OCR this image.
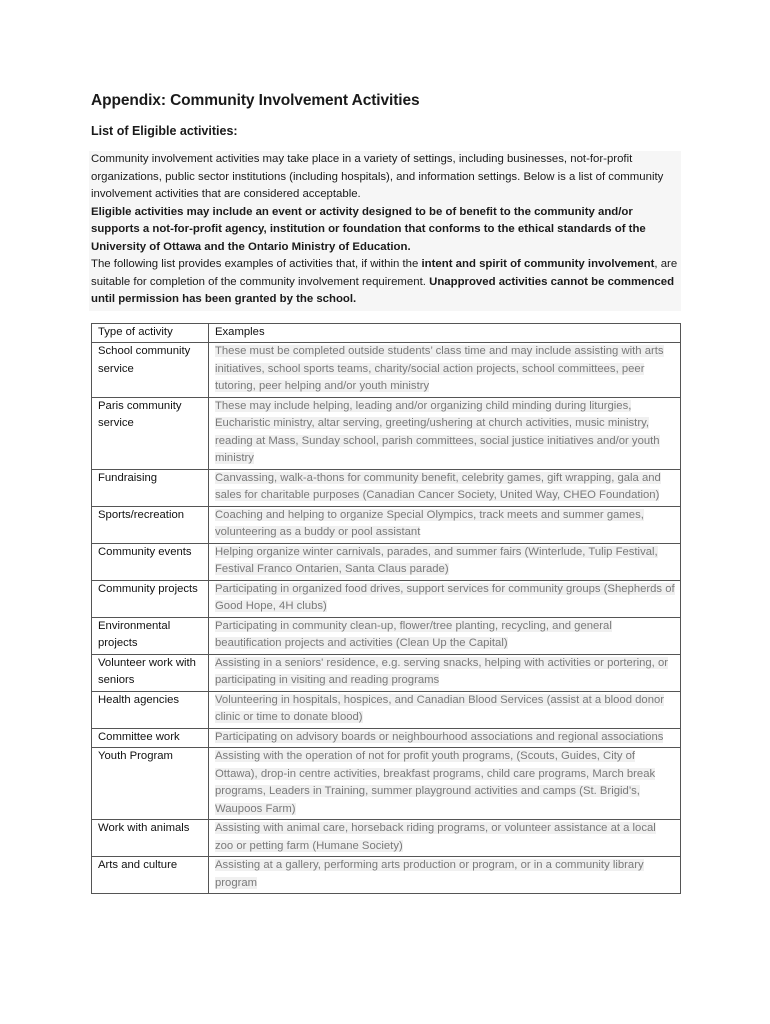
Appendix: Community Involvement Activities
List of Eligible activities:

Community involvement activities may take place in a variety of settings, including businesses, not-for-profit organizations, public sector institutions (including hospitals), and information settings. Below is a list of community involvement activities that are considered acceptable.

Eligible activities may include an event or activity designed to be of benefit to the community and/or supports a not-for-profit agency, institution or foundation that conforms to the ethical standards of the University of Ottawa and the Ontario Ministry of Education.

The following list provides examples of activities that, if within the intent and spirit of community involvement, are suitable for completion of the community involvement requirement. Unapproved activities cannot be commenced until permission has been granted by the school.

Type of activity	Examples
School community service	These must be completed outside students’ class time and may include assisting with arts initiatives, school sports teams, charity/social action projects, school committees, peer tutoring, peer helping and/or youth ministry
Paris community service	These may include helping, leading and/or organizing child minding during liturgies, Eucharistic ministry, altar serving, greeting/ushering at church activities, music ministry, reading at Mass, Sunday school, parish committees, social justice initiatives and/or youth ministry
Fundraising	Canvassing, walk-a-thons for community benefit, celebrity games, gift wrapping, gala and sales for charitable purposes (Canadian Cancer Society, United Way, CHEO Foundation)
Sports/recreation	Coaching and helping to organize Special Olympics, track meets and summer games, volunteering as a buddy or pool assistant
Community events	Helping organize winter carnivals, parades, and summer fairs (Winterlude, Tulip Festival, Festival Franco Ontarien, Santa Claus parade)
Community projects	Participating in organized food drives, support services for community groups (Shepherds of Good Hope, 4H clubs)
Environmental projects	Participating in community clean-up, flower/tree planting, recycling, and general beautification projects and activities (Clean Up the Capital)
Volunteer work with seniors	Assisting in a seniors' residence, e.g. serving snacks, helping with activities or portering, or participating in visiting and reading programs
Health agencies	Volunteering in hospitals, hospices, and Canadian Blood Services (assist at a blood donor clinic or time to donate blood)
Committee work	Participating on advisory boards or neighbourhood associations and regional associations
Youth Program	Assisting with the operation of not for profit youth programs, (Scouts, Guides, City of Ottawa), drop-in centre activities, breakfast programs, child care programs, March break programs, Leaders in Training, summer playground activities and camps (St. Brigid’s, Waupoos Farm)
Work with animals	Assisting with animal care, horseback riding programs, or volunteer assistance at a local zoo or petting farm (Humane Society)
Arts and culture	Assisting at a gallery, performing arts production or program, or in a community library program
